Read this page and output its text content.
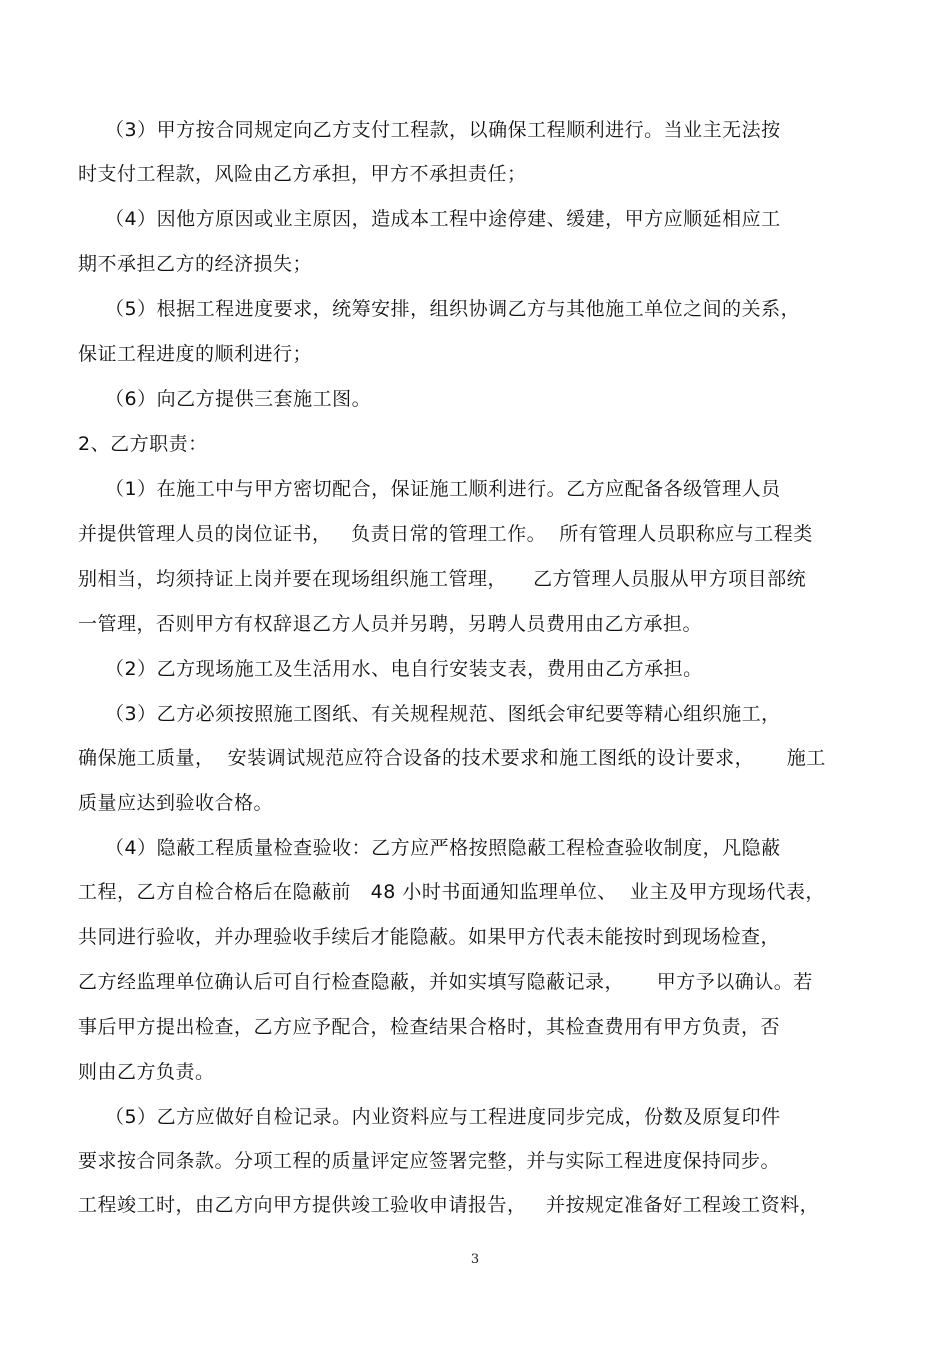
（3）甲方按合同规定向乙方支付工程款，以确保工程顺利进行。当业主无法按
时支付工程款，风险由乙方承担，甲方不承担责任；
（4）因他方原因或业主原因，造成本工程中途停建、缓建，甲方应顺延相应工
期不承担乙方的经济损失；
（5）根据工程进度要求，统筹安排，组织协调乙方与其他施工单位之间的关系，
保证工程进度的顺利进行；
（6）向乙方提供三套施工图。
2、乙方职责：
（1）在施工中与甲方密切配合，保证施工顺利进行。乙方应配备各级管理人员
并提供管理人员的岗位证书，   负责日常的管理工作。  所有管理人员职称应与工程类
别相当，均须持证上岗并要在现场组织施工管理，    乙方管理人员服从甲方项目部统
一管理，否则甲方有权辞退乙方人员并另聘，另聘人员费用由乙方承担。
（2）乙方现场施工及生活用水、电自行安装支表，费用由乙方承担。
（3）乙方必须按照施工图纸、有关规程规范、图纸会审纪要等精心组织施工，
确保施工质量，  安装调试规范应符合设备的技术要求和施工图纸的设计要求，     施工
质量应达到验收合格。
（4）隐蔽工程质量检查验收：乙方应严格按照隐蔽工程检查验收制度，凡隐蔽
工程，乙方自检合格后在隐蔽前   48 小时书面通知监理单位、  业主及甲方现场代表，
共同进行验收，并办理验收手续后才能隐蔽。如果甲方代表未能按时到现场检查，
乙方经监理单位确认后可自行检查隐蔽，并如实填写隐蔽记录，     甲方予以确认。若
事后甲方提出检查，乙方应予配合，检查结果合格时，其检查费用有甲方负责，否
则由乙方负责。
（5）乙方应做好自检记录。内业资料应与工程进度同步完成，份数及原复印件
要求按合同条款。分项工程的质量评定应签署完整，并与实际工程进度保持同步。
工程竣工时，由乙方向甲方提供竣工验收申请报告，   并按规定准备好工程竣工资料，
3
